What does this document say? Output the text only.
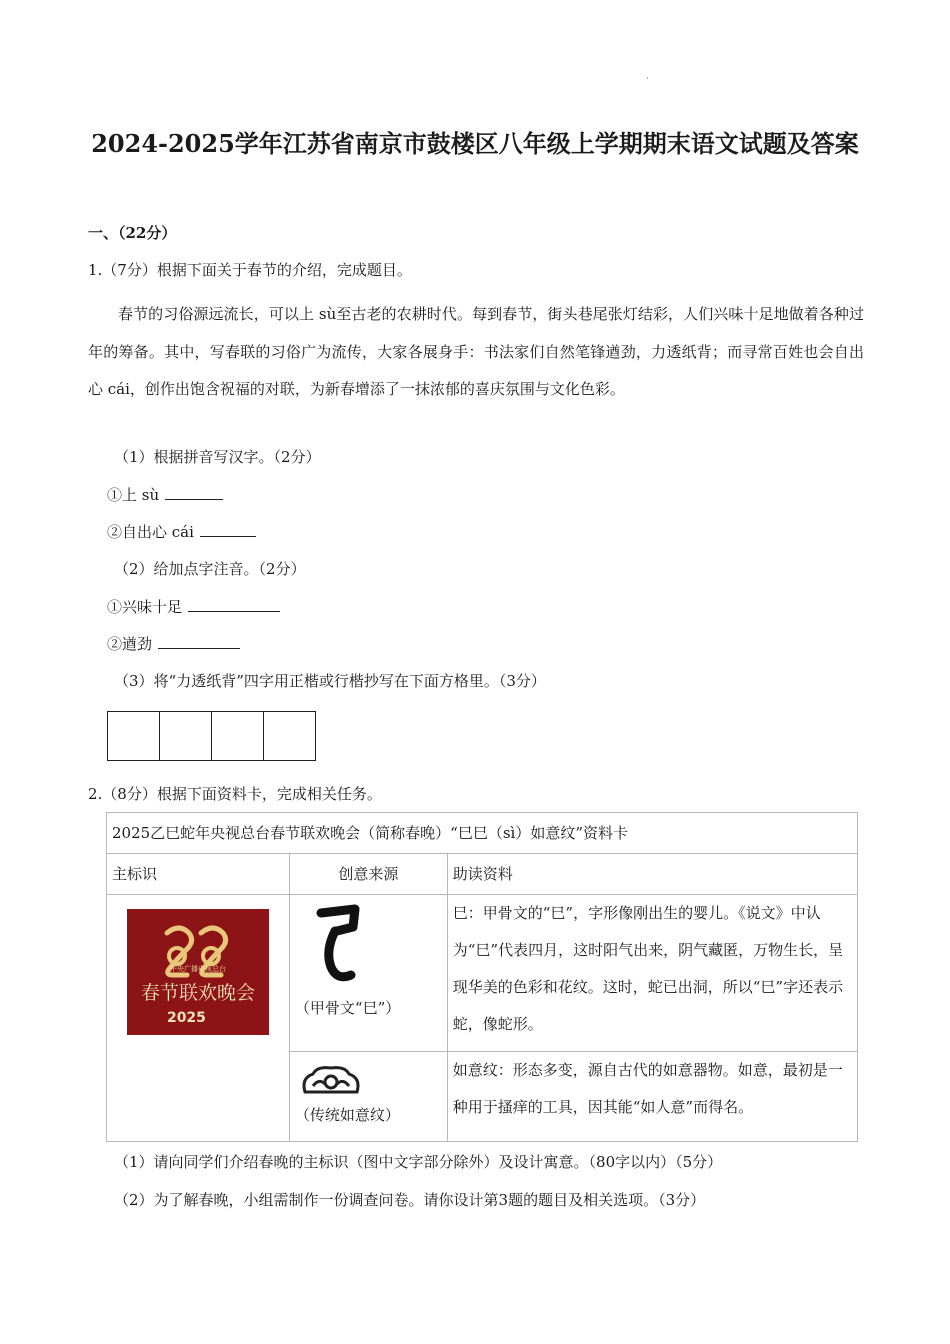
·
2024-2025学年江苏省南京市鼓楼区八年级上学期期末语文试题及答案
一、（22分）
1.（7分）根据下面关于春节的介绍，完成题目。
春节的习俗源远流长，可以上 sù至古老的农耕时代。每到春节，街头巷尾张灯结彩，人们兴味十足地做着各种过年的筹备。其中，写春联的习俗广为流传，大家各展身手：书法家们自然笔锋遒劲，力透纸背；而寻常百姓也会自出心 cái，创作出饱含祝福的对联，为新春增添了一抹浓郁的喜庆氛围与文化色彩。
（1）根据拼音写汉字。（2分）
①上 sù
②自出心 cái
（2）给加点字注音。（2分）
①兴味十足
②遒劲
（3）将“力透纸背”四字用正楷或行楷抄写在下面方格里。（3分）
2.（8分）根据下面资料卡，完成相关任务。
2025乙巳蛇年央视总台春节联欢晚会（简称春晚）“巳巳（sì）如意纹”资料卡		
主标识	创意来源	助读资料

中央广播电视总台
春节联欢晚会
2025	（甲骨文“巳”）	巳：甲骨文的“巳”，字形像刚出生的婴儿。《说文》中认为“巳”代表四月，这时阳气出来，阴气藏匿，万物生长，呈现华美的色彩和花纹。这时，蛇已出洞，所以“巳”字还表示蛇，像蛇形。

	（传统如意纹）	如意纹：形态多变，源自古代的如意器物。如意，最初是一种用于搔痒的工具，因其能“如人意”而得名。
（1）请向同学们介绍春晚的主标识（图中文字部分除外）及设计寓意。（80字以内）（5分）
（2）为了解春晚，小组需制作一份调查问卷。请你设计第3题的题目及相关选项。（3分）
